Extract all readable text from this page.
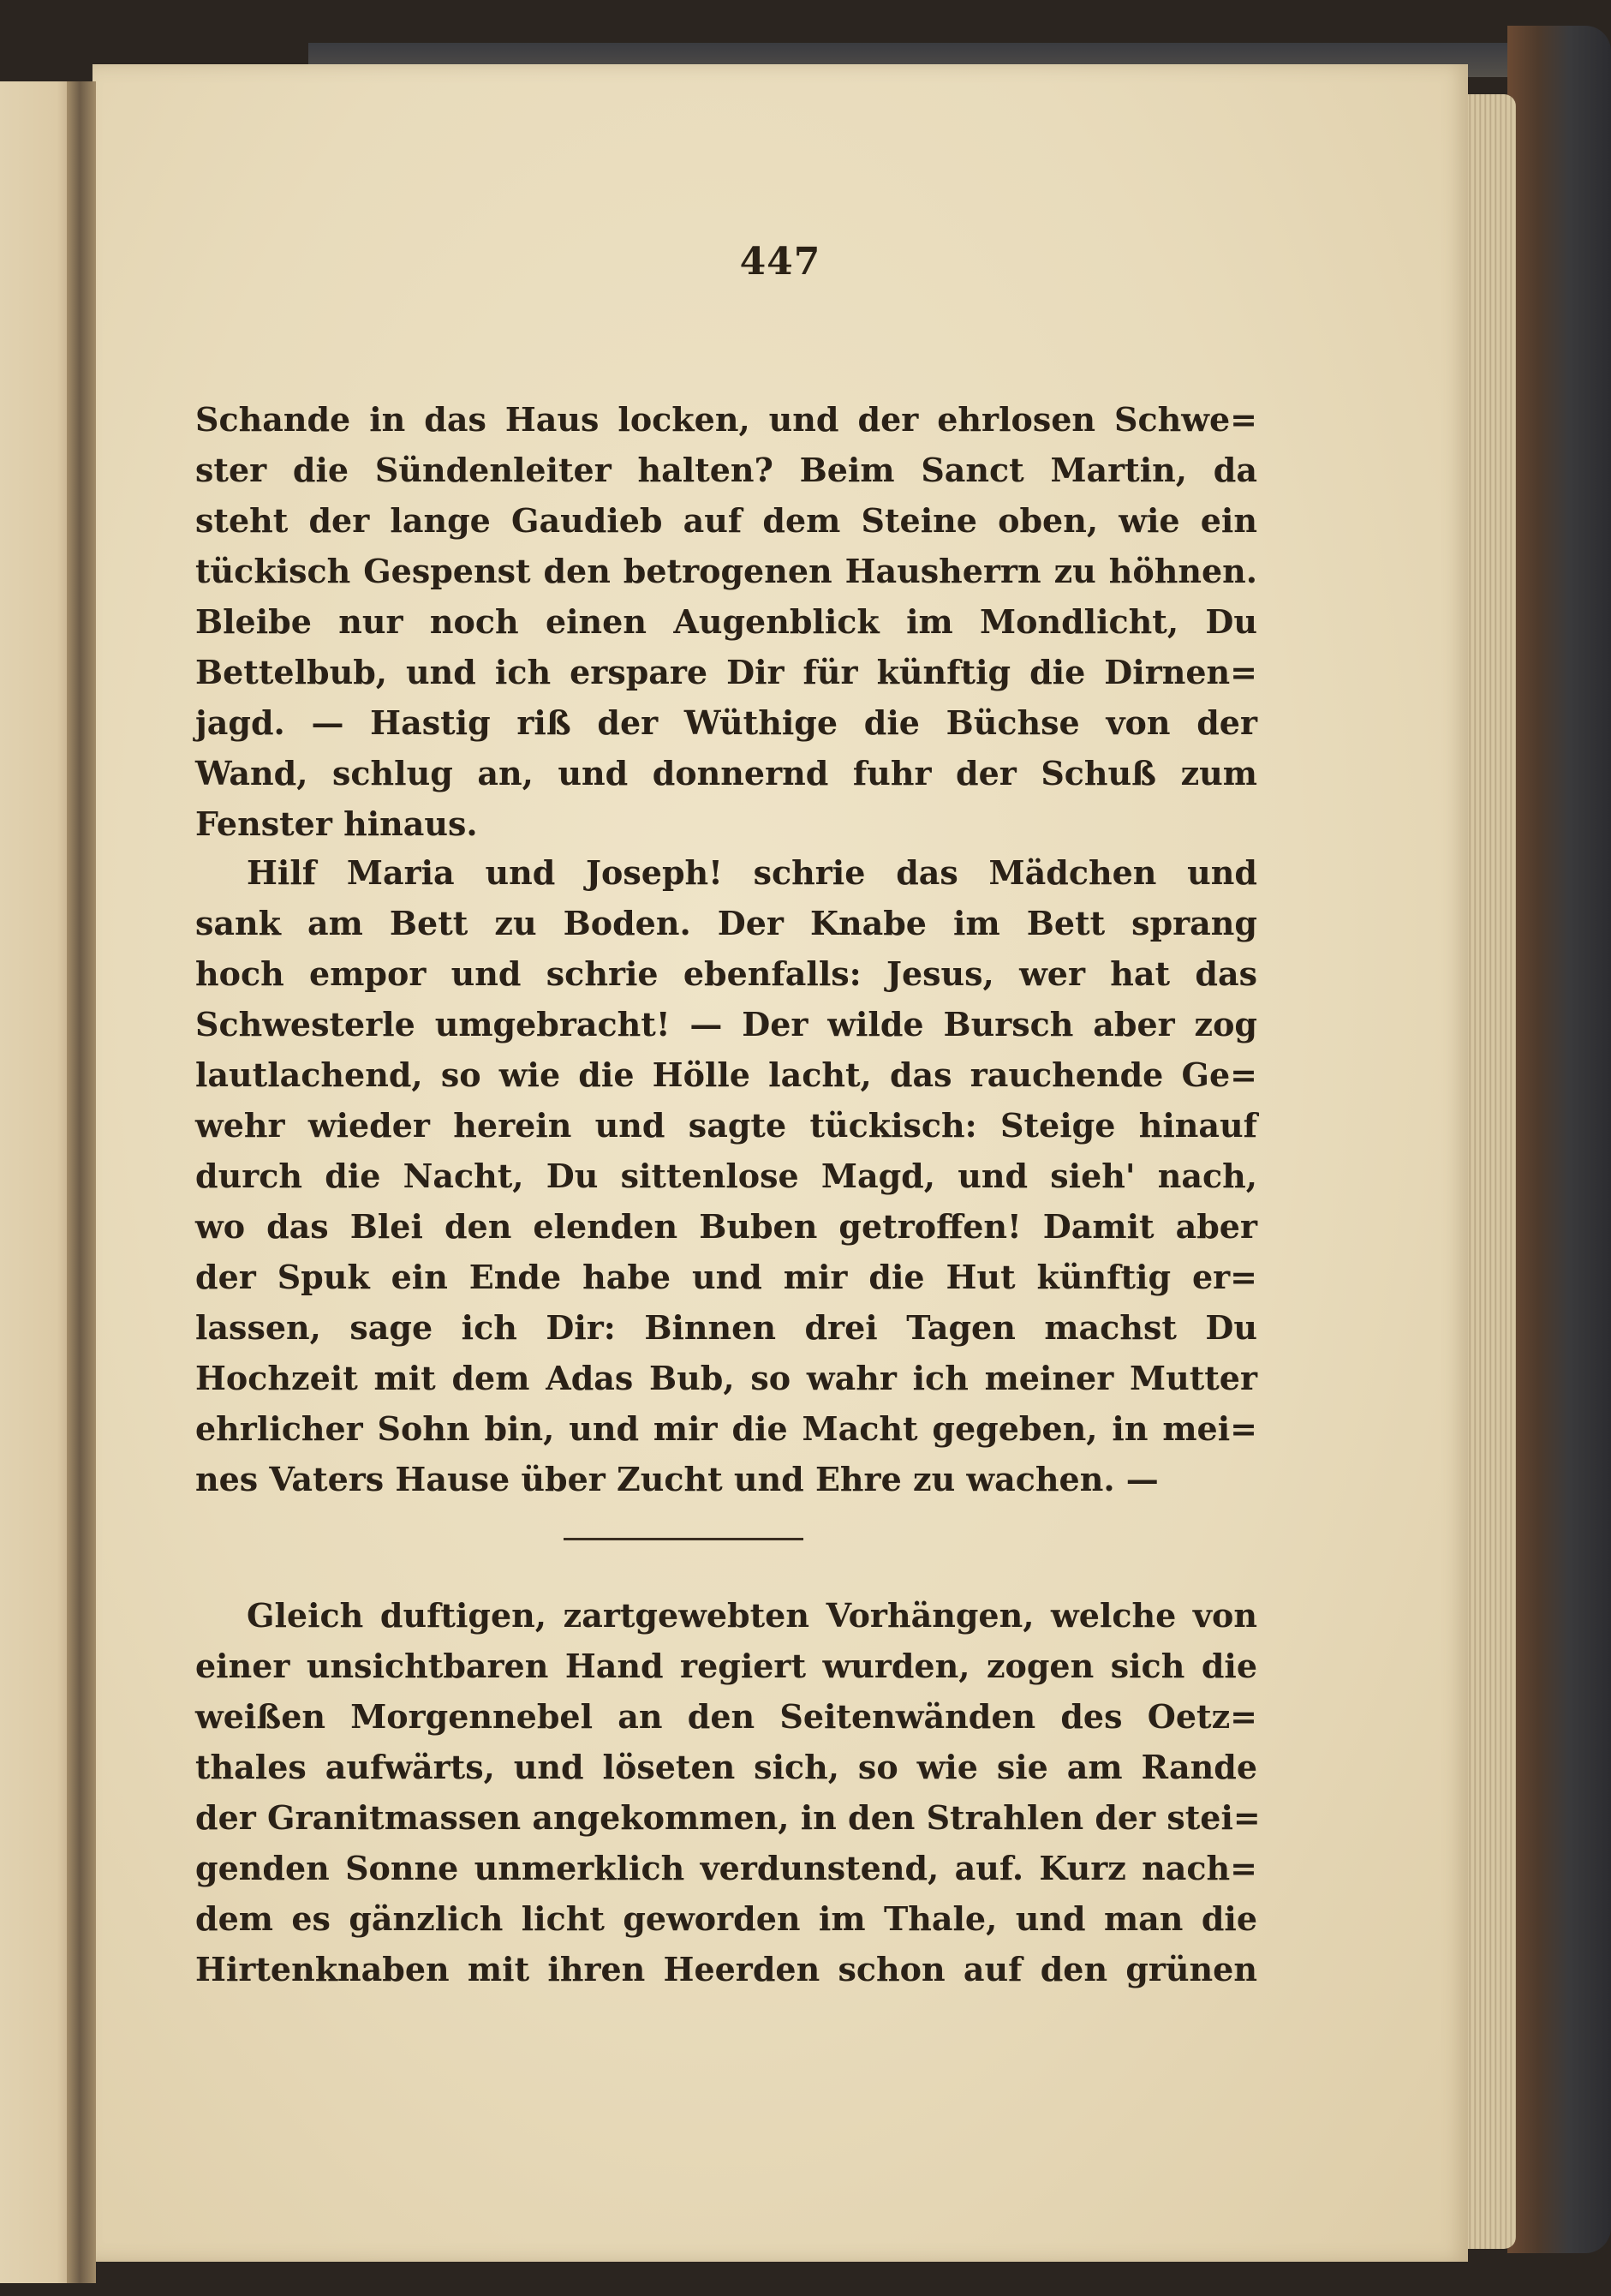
447
Schande in das Haus locken, und der ehrlosen Schwe=
ster die Sündenleiter halten? Beim Sanct Martin, da
steht der lange Gaudieb auf dem Steine oben, wie ein
tückisch Gespenst den betrogenen Hausherrn zu höhnen.
Bleibe nur noch einen Augenblick im Mondlicht, Du
Bettelbub, und ich erspare Dir für künftig die Dirnen=
jagd. — Hastig riß der Wüthige die Büchse von der
Wand, schlug an, und donnernd fuhr der Schuß zum
Fenster hinaus.
Hilf Maria und Joseph! schrie das Mädchen und
sank am Bett zu Boden. Der Knabe im Bett sprang
hoch empor und schrie ebenfalls: Jesus, wer hat das
Schwesterle umgebracht! — Der wilde Bursch aber zog
lautlachend, so wie die Hölle lacht, das rauchende Ge=
wehr wieder herein und sagte tückisch: Steige hinauf
durch die Nacht, Du sittenlose Magd, und sieh' nach,
wo das Blei den elenden Buben getroffen! Damit aber
der Spuk ein Ende habe und mir die Hut künftig er=
lassen, sage ich Dir: Binnen drei Tagen machst Du
Hochzeit mit dem Adas Bub, so wahr ich meiner Mutter
ehrlicher Sohn bin, und mir die Macht gegeben, in mei=
nes Vaters Hause über Zucht und Ehre zu wachen. —
Gleich duftigen, zartgewebten Vorhängen, welche von
einer unsichtbaren Hand regiert wurden, zogen sich die
weißen Morgennebel an den Seitenwänden des Oetz=
thales aufwärts, und löseten sich, so wie sie am Rande
der Granitmassen angekommen, in den Strahlen der stei=
genden Sonne unmerklich verdunstend, auf. Kurz nach=
dem es gänzlich licht geworden im Thale, und man die
Hirtenknaben mit ihren Heerden schon auf den grünen
